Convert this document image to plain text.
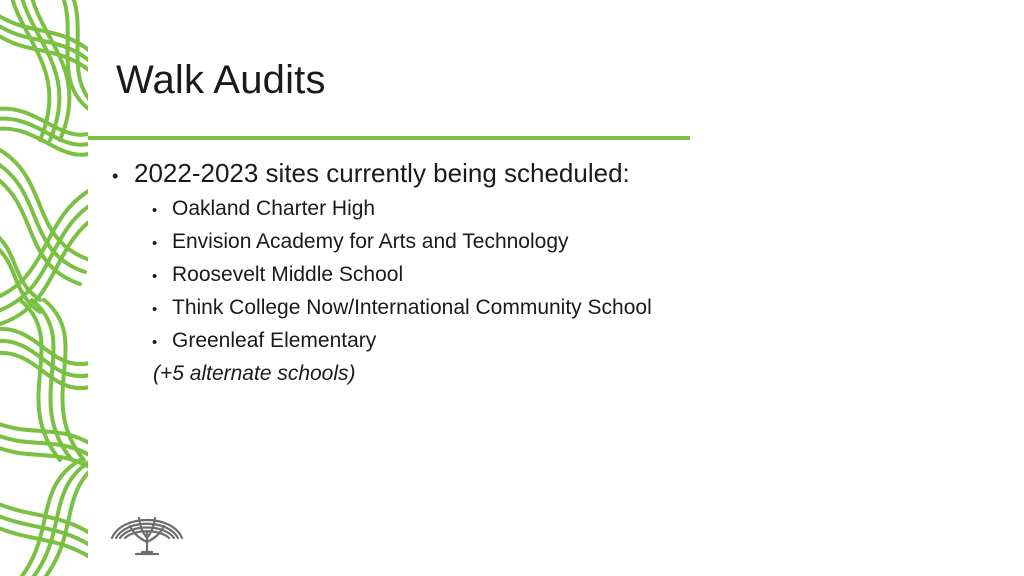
Walk Audits
• 2022-2023 sites currently being scheduled:
• Oakland Charter High
• Envision Academy for Arts and Technology
• Roosevelt Middle School
• Think College Now/International Community School
• Greenleaf Elementary
(+5 alternate schools)
